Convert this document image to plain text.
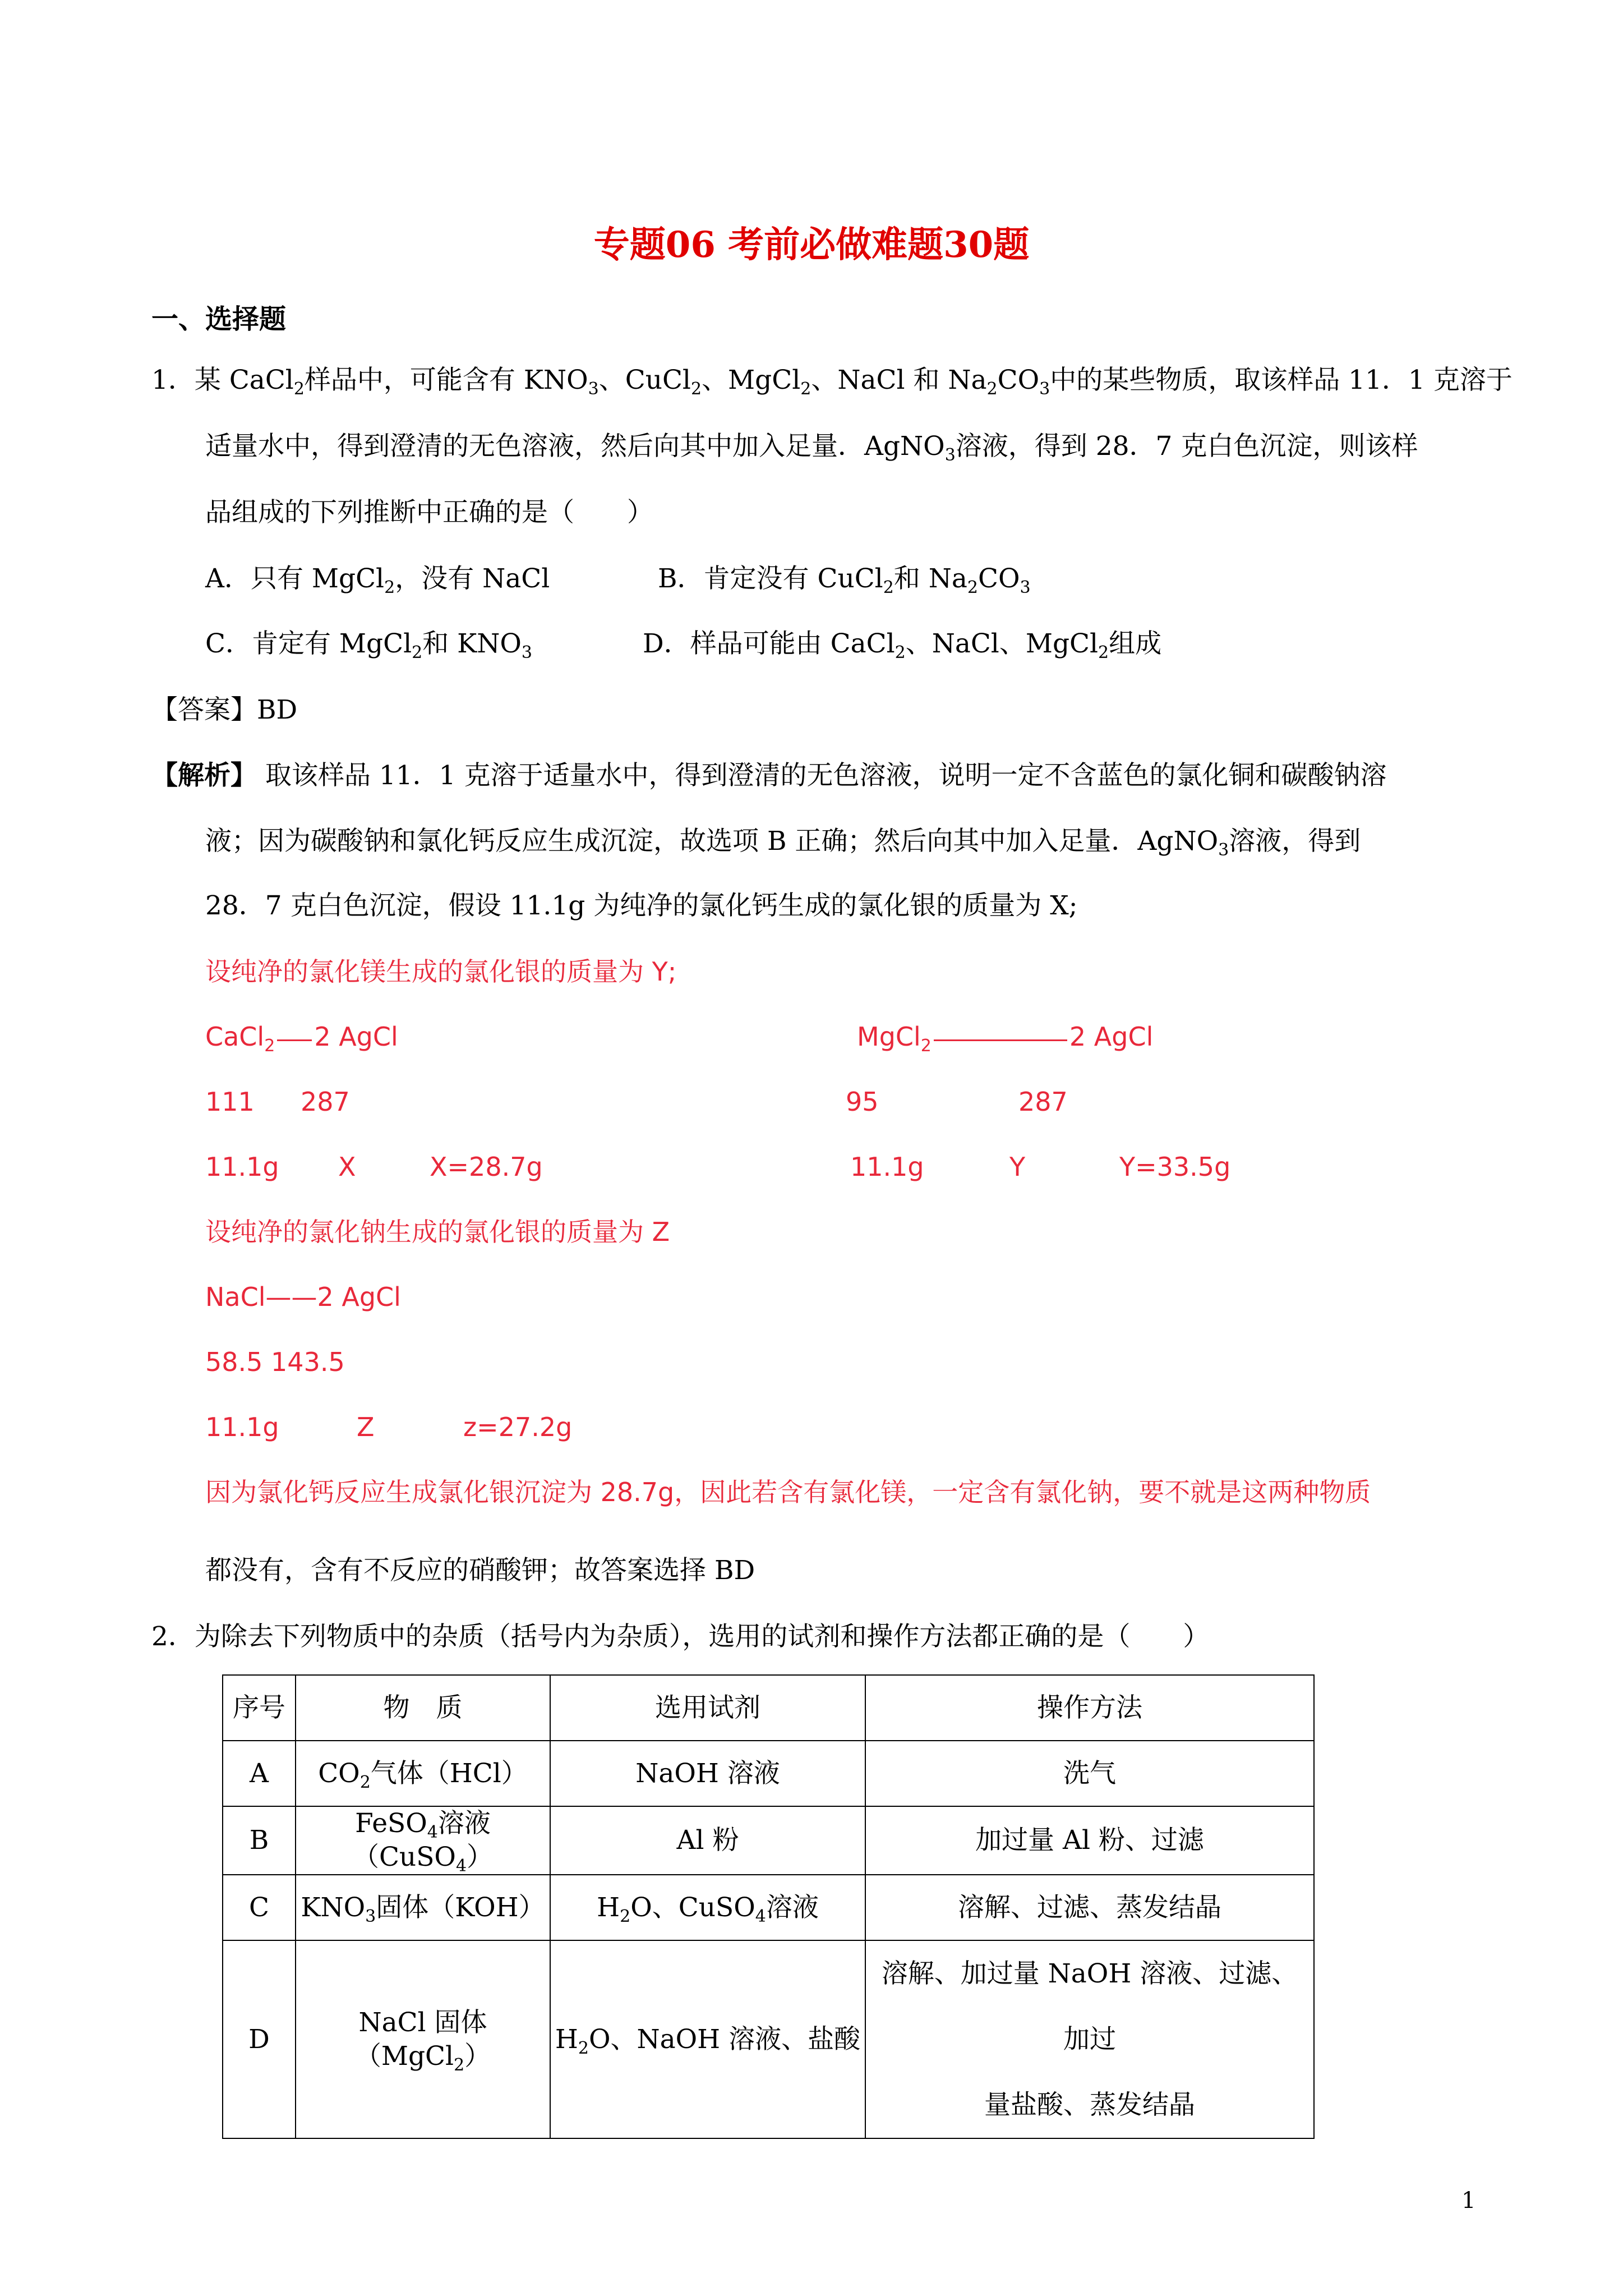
专题06 考前必做难题30题
一、选择题
1．某 CaCl$_2$样品中，可能含有 $KNO_3$、CuCl$_2$、MgCl$_2$、NaCl 和 $Na_2CO_3$中的某些物质，取该样品 11．1 克溶于
适量水中，得到澄清的无色溶液，然后向其中加入足量．AgNO$_3$溶液，得到 28．7 克白色沉淀，则该样
品组成的下列推断中正确的是（　　）
A．只有 MgCl$_2$，没有 NaCl	B．肯定没有 CuCl$_2$和 $Na_2CO_3$
C．肯定有 MgCl$_2$和 $KNO_3$	D．样品可能由 CaCl$_2$、NaCl、MgCl$_2$组成
【答案】BD
【解析】 取该样品 11．1 克溶于适量水中，得到澄清的无色溶液，说明一定不含蓝色的氯化铜和碳酸钠溶
液；因为碳酸钠和氯化钙反应生成沉淀，故选项 B 正确；然后向其中加入足量．AgNO$_3$溶液，得到
28．7 克白色沉淀，假设 11.1g 为纯净的氯化钙生成的氯化银的质量为 X;
设纯净的氯化镁生成的氯化银的质量为 Y;
CaCl$_2$ 2 AgCl	MgCl$_2$	2 AgCl
111 287	95	287
11.1g X	X=28.7g	11.1g	Y	Y=33.5g
设纯净的氯化钠生成的氯化银的质量为 Z
NaCl——2 AgCl
58.5 143.5
11.1g	Z	z=27.2g
因为氯化钙反应生成氯化银沉淀为 28.7g，因此若含有氯化镁，一定含有氯化钠，要不就是这两种物质
都没有，含有不反应的硝酸钾；故答案选择 BD
2．为除去下列物质中的杂质（括号内为杂质），选用的试剂和操作方法都正确的是（　　）
序号	物　质	选用试剂	操作方法
A	$CO_2$气体（HCl）	NaOH 溶液	洗气
B	FeSO$_4$溶液（CuSO$_4$）	Al 粉	加过量 Al 粉、过滤
C	$KNO_3$固体（KOH）	$H_2O$、CuSO$_4$溶液	溶解、过滤、蒸发结晶
D	NaCl 固体（MgCl$_2$）	$H_2O$、NaOH 溶液、盐酸	溶解、加过量 NaOH 溶液、过滤、加过
量盐酸、蒸发结晶
1
